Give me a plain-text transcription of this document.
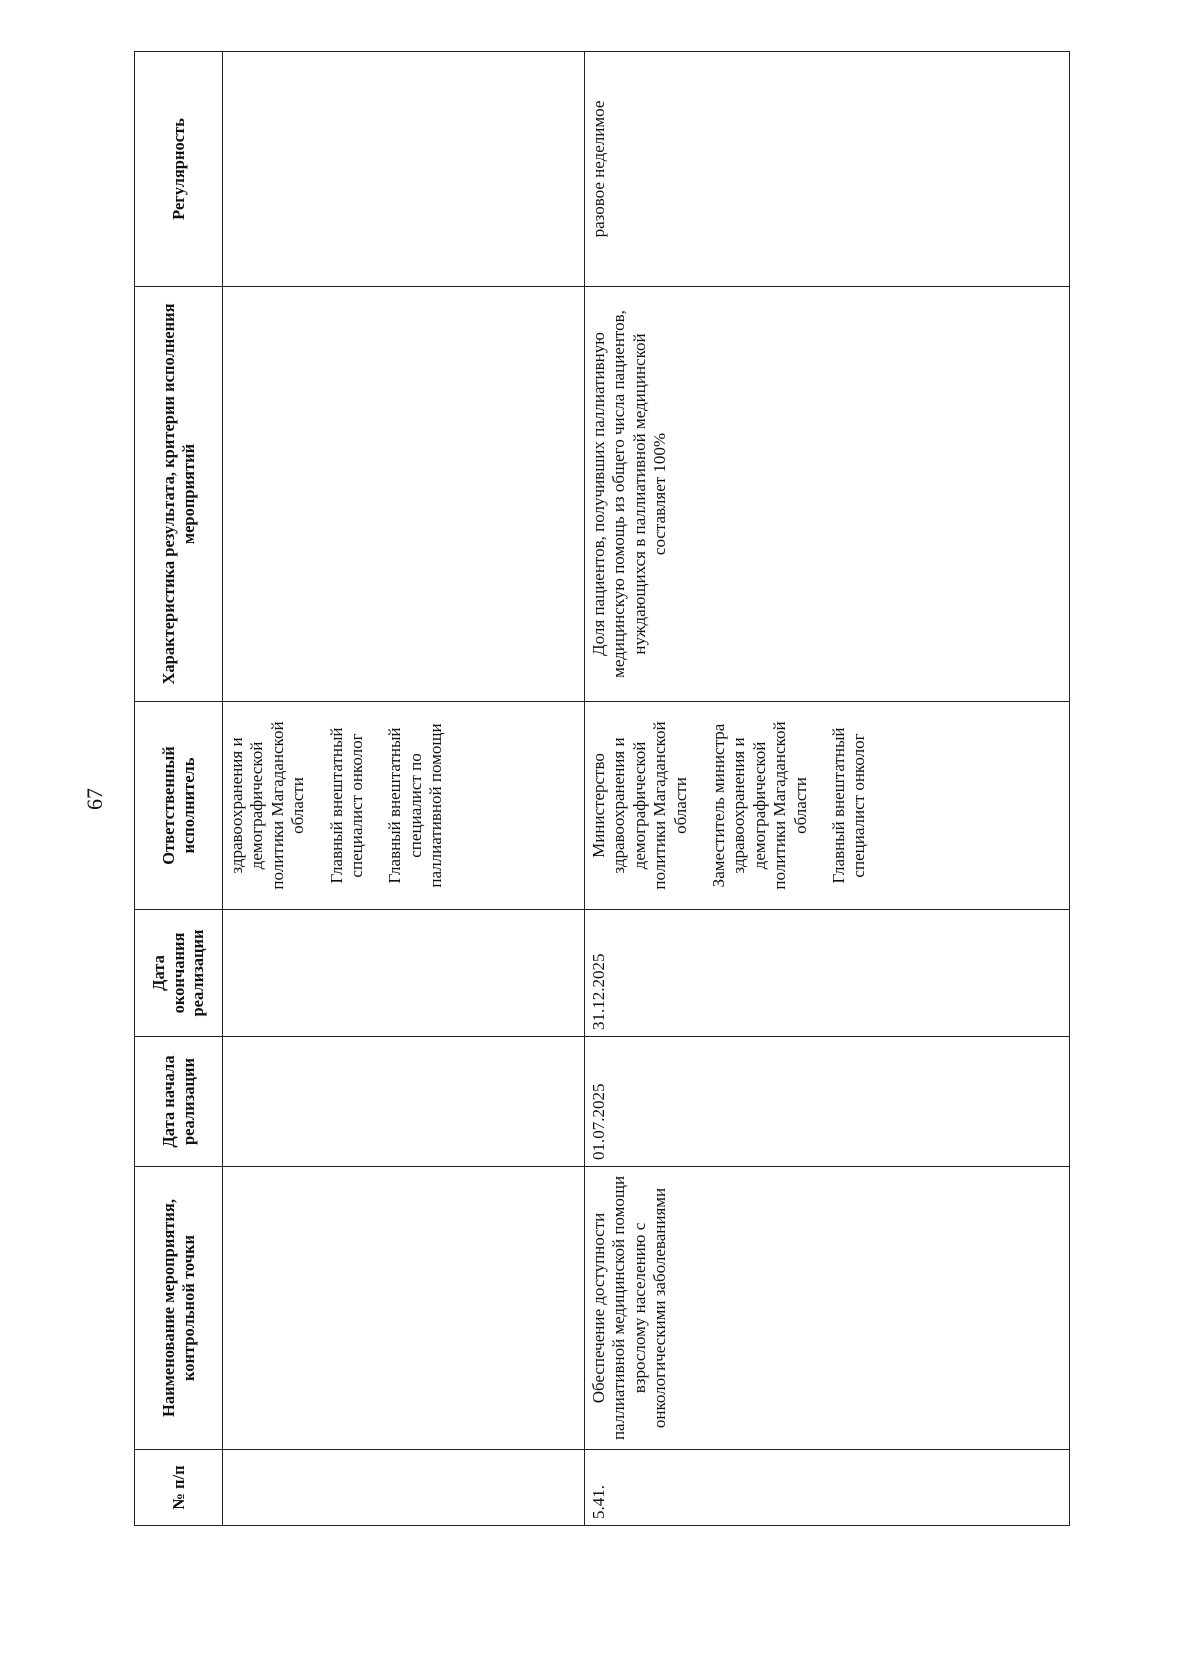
67
№ п/п	Наименование мероприятия, контрольной точки	Дата начала реализации	Дата окончания реализации	Ответственный исполнитель	Характеристика результата, критерии исполнения мероприятий	Регулярность

				здравоохранения и демографической политики Магаданской области Главный внештатный специалист онколог Главный внештатный специалист по паллиативной помощи		

5.41.	Обеспечение доступности паллиативной медицинской помощи взрослому населению с онкологическими заболеваниями	01.07.2025	31.12.2025	Министерство здравоохранения и демографической политики Магаданской области Заместитель министра здравоохранения и демографической политики Магаданской области Главный внештатный специалист онколог	Доля пациентов, получивших паллиативную медицинскую помощь из общего числа пациентов, нуждающихся в паллиативной медицинской составляет 100%	разовое неделимое
